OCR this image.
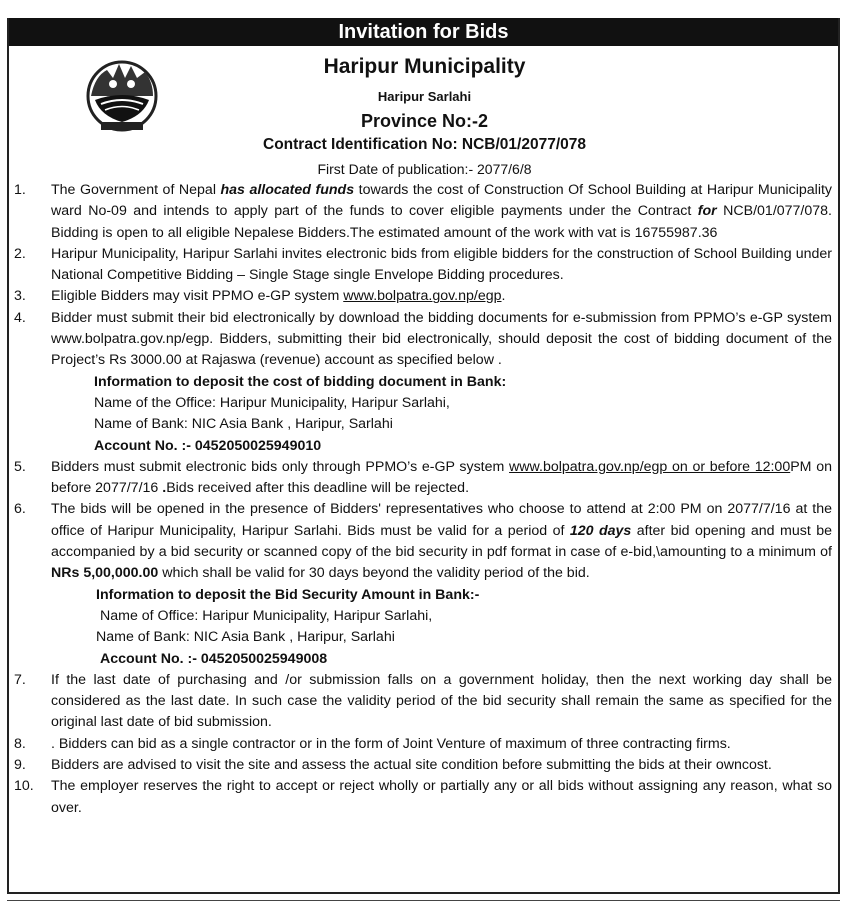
Invitation for Bids
Haripur Municipality
Haripur Sarlahi
Province No:-2
Contract Identification No: NCB/01/2077/078
First Date of publication:- 2077/6/8
1.	The Government of Nepal has allocated funds towards the cost of Construction Of School Building at Haripur Municipality ward No-09 and intends to apply part of the funds to cover eligible payments under the Contract for NCB/01/077/078. Bidding is open to all eligible Nepalese Bidders.The estimated amount of the work with vat is 16755987.36
2.	Haripur Municipality, Haripur Sarlahi invites electronic bids from eligible bidders for the construction of School Building under National Competitive Bidding – Single Stage single Envelope Bidding procedures.
3.	Eligible Bidders may visit PPMO e-GP system www.bolpatra.gov.np/egp.
4.	Bidder must submit their bid electronically by download the bidding documents for e-submission from PPMO’s e-GP system www.bolpatra.gov.np/egp. Bidders, submitting their bid electronically, should deposit the cost of bidding document of the Project’s Rs 3000.00 at Rajaswa (revenue) account as specified below .
Information to deposit the cost of bidding document in Bank:
Name of the Office: Haripur Municipality, Haripur Sarlahi,
Name of Bank: NIC Asia Bank , Haripur, Sarlahi
Account No. :- 0452050025949010
5.	Bidders must submit electronic bids only through PPMO’s e-GP system www.bolpatra.gov.np/egp on or before 12:00PM on before 2077/7/16 .Bids received after this deadline will be rejected.
6.	The bids will be opened in the presence of Bidders' representatives who choose to attend at 2:00 PM on 2077/7/16 at the office of Haripur Municipality, Haripur Sarlahi. Bids must be valid for a period of 120 days after bid opening and must be accompanied by a bid security or scanned copy of the bid security in pdf format in case of e-bid,\amounting to a minimum of NRs 5,00,000.00 which shall be valid for 30 days beyond the validity period of the bid.
Information to deposit the Bid Security Amount in Bank:-
Name of Office: Haripur Municipality, Haripur Sarlahi,
Name of Bank: NIC Asia Bank , Haripur, Sarlahi
Account No. :- 0452050025949008
7.	If the last date of purchasing and /or submission falls on a government holiday, then the next working day shall be considered as the last date. In such case the validity period of the bid security shall remain the same as specified for the original last date of bid submission.
8.	. Bidders can bid as a single contractor or in the form of Joint Venture of maximum of three contracting firms.
9.	Bidders are advised to visit the site and assess the actual site condition before submitting the bids at their owncost.
10.	The employer reserves the right to accept or reject wholly or partially any or all bids without assigning any reason, what so over.
